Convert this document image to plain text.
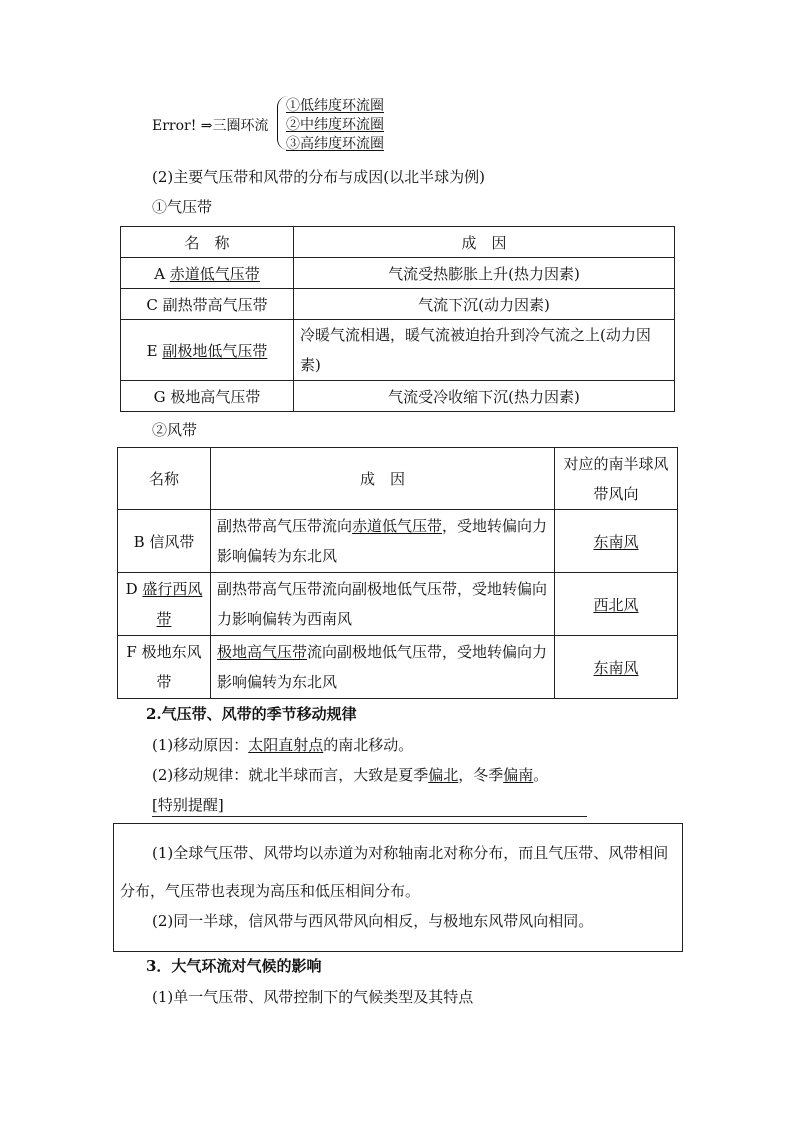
Error! ⇒三圈环流
①低纬度环流圈
②中纬度环流圈
③高纬度环流圈
(2)主要气压带和风带的分布与成因(以北半球为例)
①气压带
名　称	成　因
A 赤道低气压带	气流受热膨胀上升(热力因素)
C 副热带高气压带	气流下沉(动力因素)
E 副极地低气压带	冷暖气流相遇，暖气流被迫抬升到冷气流之上(动力因素)
G 极地高气压带	气流受冷收缩下沉(热力因素)
②风带
名称	成　因	对应的南半球风带风向
B 信风带	副热带高气压带流向赤道低气压带，受地转偏向力影响偏转为东北风	东南风
D 盛行西风带	副热带高气压带流向副极地低气压带，受地转偏向力影响偏转为西南风	西北风
F 极地东风带	极地高气压带流向副极地低气压带，受地转偏向力影响偏转为东北风	东南风
2.气压带、风带的季节移动规律
(1)移动原因：太阳直射点的南北移动。
(2)移动规律：就北半球而言，大致是夏季偏北，冬季偏南。
[特别提醒]
(1)全球气压带、风带均以赤道为对称轴南北对称分布，而且气压带、风带相间分布，气压带也表现为高压和低压相间分布。
(2)同一半球，信风带与西风带风向相反，与极地东风带风向相同。
3．大气环流对气候的影响
(1)单一气压带、风带控制下的气候类型及其特点
